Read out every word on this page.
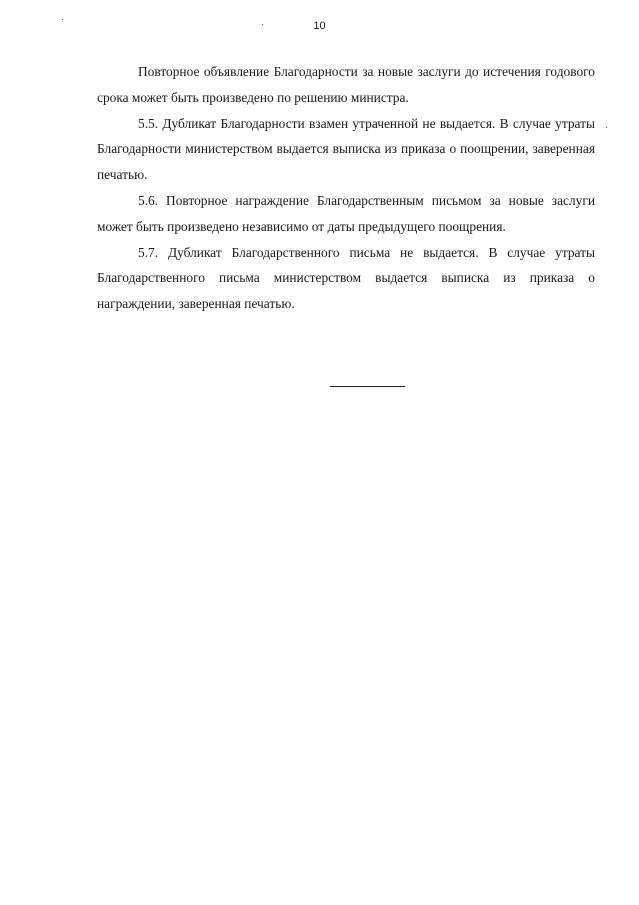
10

Повторное объявление Благодарности за новые заслуги до истечения годового срока может быть произведено по решению министра.

5.5. Дубликат Благодарности взамен утраченной не выдается. В случае утраты Благодарности министерством выдается выписка из приказа о поощрении, заверенная печатью.

5.6. Повторное награждение Благодарственным письмом за новые заслуги может быть произведено независимо от даты предыдущего поощрения.

5.7. Дубликат Благодарственного письма не выдается. В случае утраты Благодарственного письма министерством выдается выписка из приказа о награждении, заверенная печатью.
